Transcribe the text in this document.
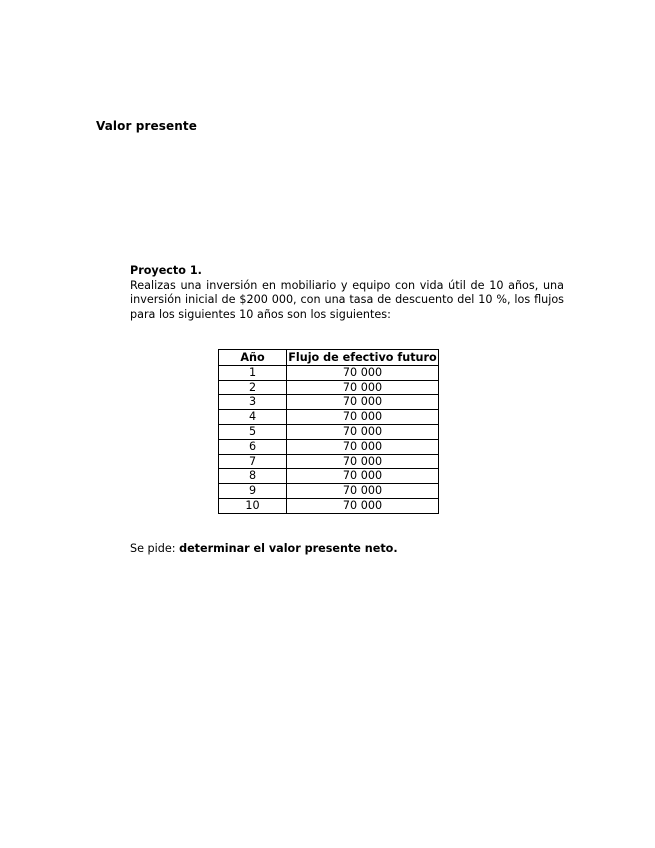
Valor presente
Proyecto 1.
Realizas una inversión en mobiliario y equipo con vida útil de 10 años, una inversión inicial de $200 000, con una tasa de descuento del 10 %, los flujos para los siguientes 10 años son los siguientes:
Año	Flujo de efectivo futuro
1	70 000
2	70 000
3	70 000
4	70 000
5	70 000
6	70 000
7	70 000
8	70 000
9	70 000
10	70 000

Se pide: determinar el valor presente neto.
